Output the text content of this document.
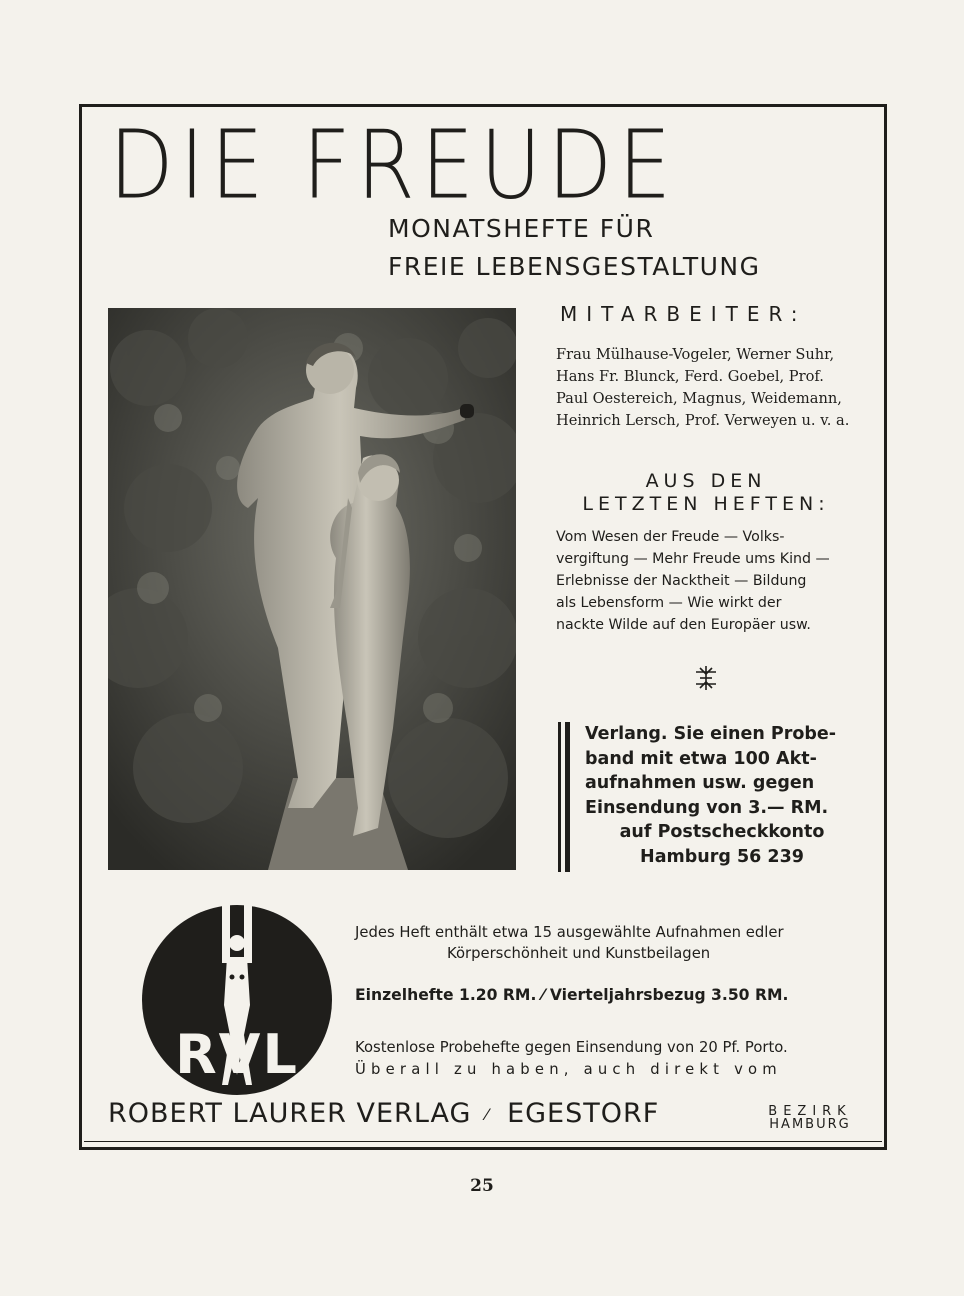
DIE FREUDE
MONATSHEFTE FÜR
FREIE LEBENSGESTALTUNG
MITARBEITER:
Frau Mülhause-Vogeler, Werner Suhr,
Hans Fr. Blunck, Ferd. Goebel, Prof.
Paul Oestereich, Magnus, Weidemann,
Heinrich Lersch, Prof. Verweyen u. v. a.
AUS DEN
LETZTEN HEFTEN:
Vom Wesen der Freude — Volks-
vergiftung — Mehr Freude ums Kind —
Erlebnisse der Nacktheit — Bildung
als Lebensform — Wie wirkt der
nackte Wilde auf den Europäer usw.
Verlang. Sie einen Probe-
band mit etwa 100 Akt-
aufnahmen usw. gegen
Einsendung von 3.— RM.
auf Postscheckkonto
Hamburg 56 239
RVL
Jedes Heft enthält etwa 15 ausgewählte Aufnahmen edler
Körperschönheit und Kunstbeilagen
Einzelhefte 1.20 RM. ⁄ Vierteljahrsbezug 3.50 RM.
Kostenlose Probehefte gegen Einsendung von 20 Pf. Porto.
Überall zu haben, auch direkt vom
ROBERT LAURER VERLAG ⁄ EGESTORF	BEZIRK
HAMBURG
25
